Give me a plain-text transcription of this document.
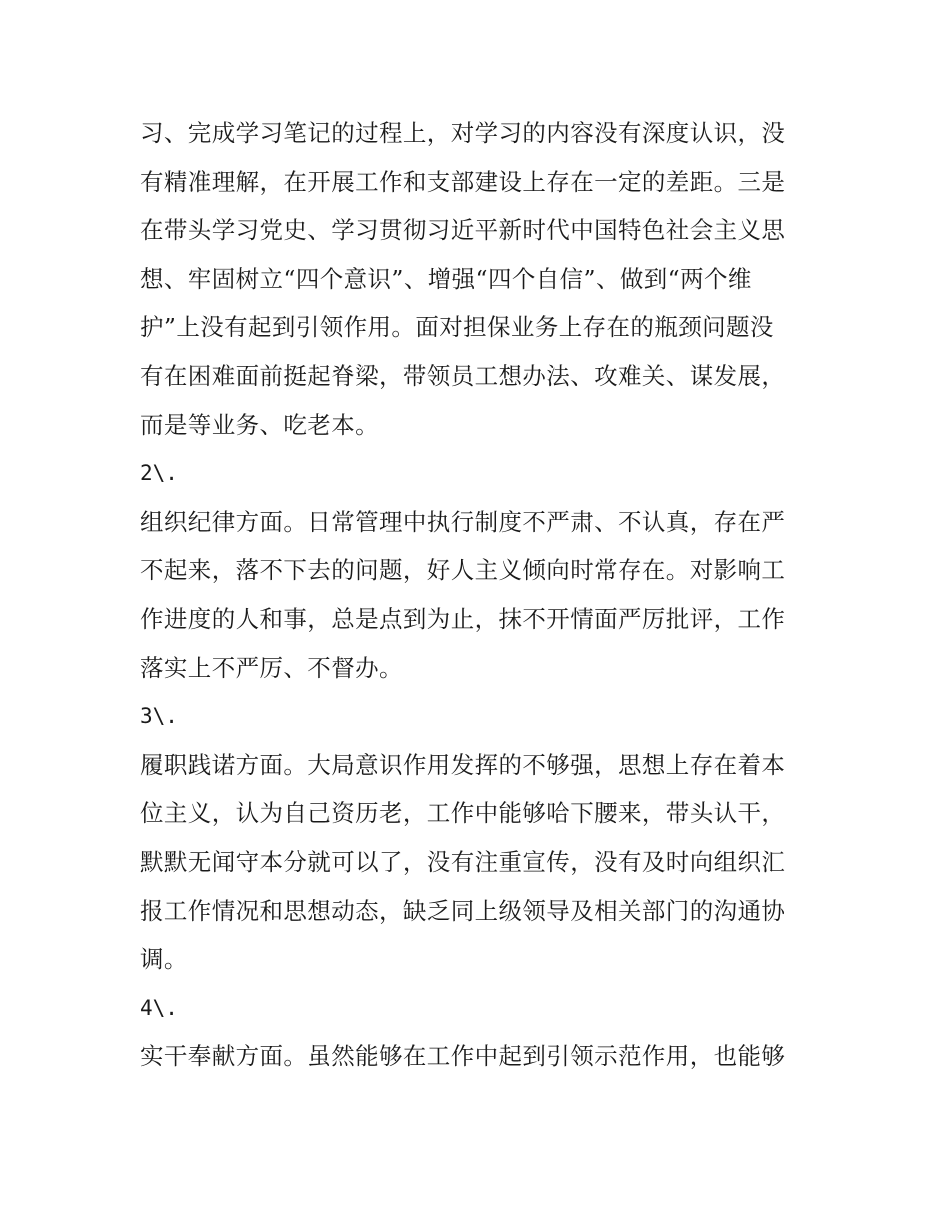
习、完成学习笔记的过程上，对学习的内容没有深度认识，没
有精准理解，在开展工作和支部建设上存在一定的差距。三是
在带头学习党史、学习贯彻习近平新时代中国特色社会主义思
想、牢固树立“四个意识”、增强“四个自信”、做到“两个维
护”上没有起到引领作用。面对担保业务上存在的瓶颈问题没
有在困难面前挺起脊梁，带领员工想办法、攻难关、谋发展，
而是等业务、吃老本。
2\.
组织纪律方面。日常管理中执行制度不严肃、不认真，存在严
不起来，落不下去的问题，好人主义倾向时常存在。对影响工
作进度的人和事，总是点到为止，抹不开情面严厉批评，工作
落实上不严厉、不督办。
3\.
履职践诺方面。大局意识作用发挥的不够强，思想上存在着本
位主义，认为自己资历老，工作中能够哈下腰来，带头认干，
默默无闻守本分就可以了，没有注重宣传，没有及时向组织汇
报工作情况和思想动态，缺乏同上级领导及相关部门的沟通协
调。
4\.
实干奉献方面。虽然能够在工作中起到引领示范作用，也能够
